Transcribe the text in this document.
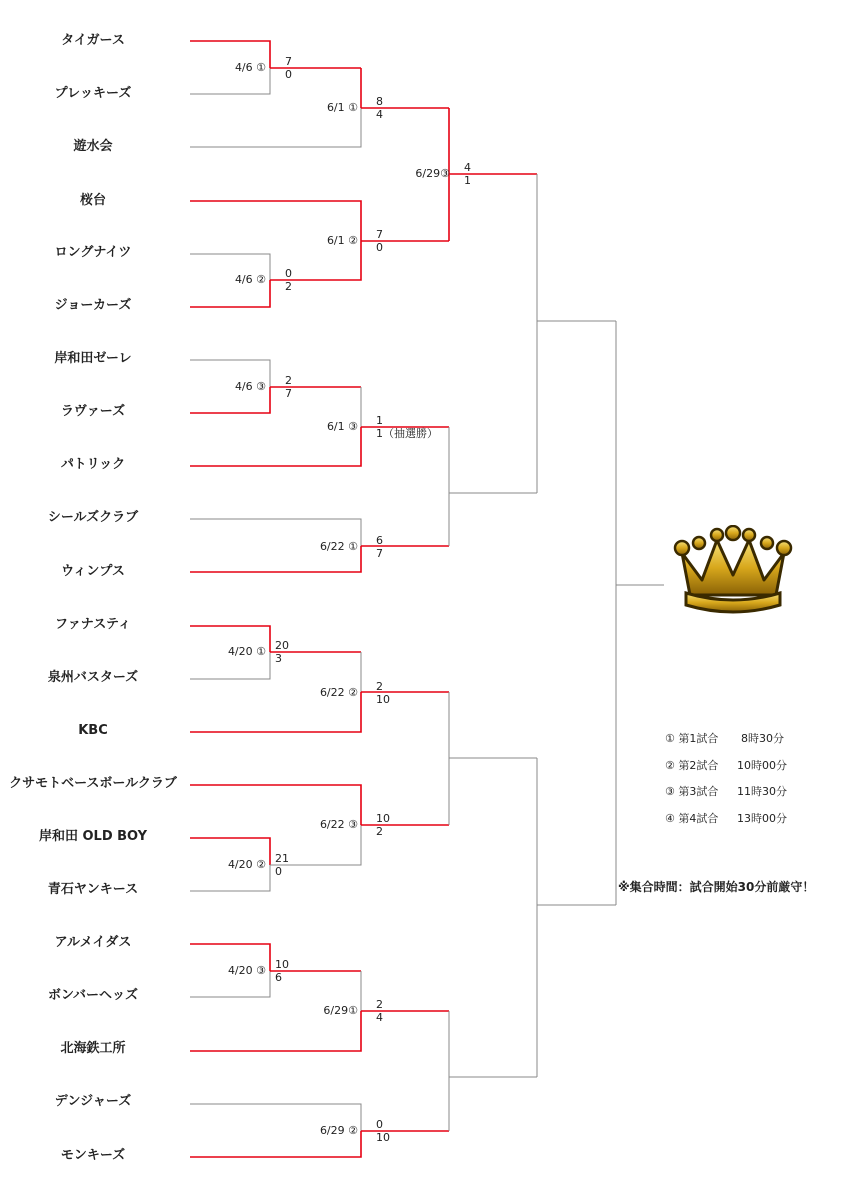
タイガース
プレッキーズ
遊水会
桜台
ロングナイツ
ジョーカーズ
岸和田ゼーレ
ラヴァーズ
パトリック
シールズクラブ
ウィンプス
ファナスティ
泉州バスターズ
KBC
クサモトベースボールクラブ
岸和田 OLD BOY
青石ヤンキース
アルメイダス
ボンバーヘッズ
北海鉄工所
デンジャーズ
モンキーズ
4/6 ① 7
0
6/1 ① 8
4
4/6 ② 0
2
6/1 ② 7
0
6/29③ 4
1
4/6 ③ 2
7
6/1 ③ 1
1（抽選勝）
6/22 ① 6
7
4/20 ① 20
3
6/22 ② 2
10
4/20 ② 21
0
6/22 ③ 10
2
4/20 ③ 10
6
6/29① 2
4
6/29 ② 0
10
① 第1試合 8時30分
② 第2試合 10時00分
③ 第3試合 11時30分
④ 第4試合 13時00分
※集合時間：試合開始30分前厳守！
